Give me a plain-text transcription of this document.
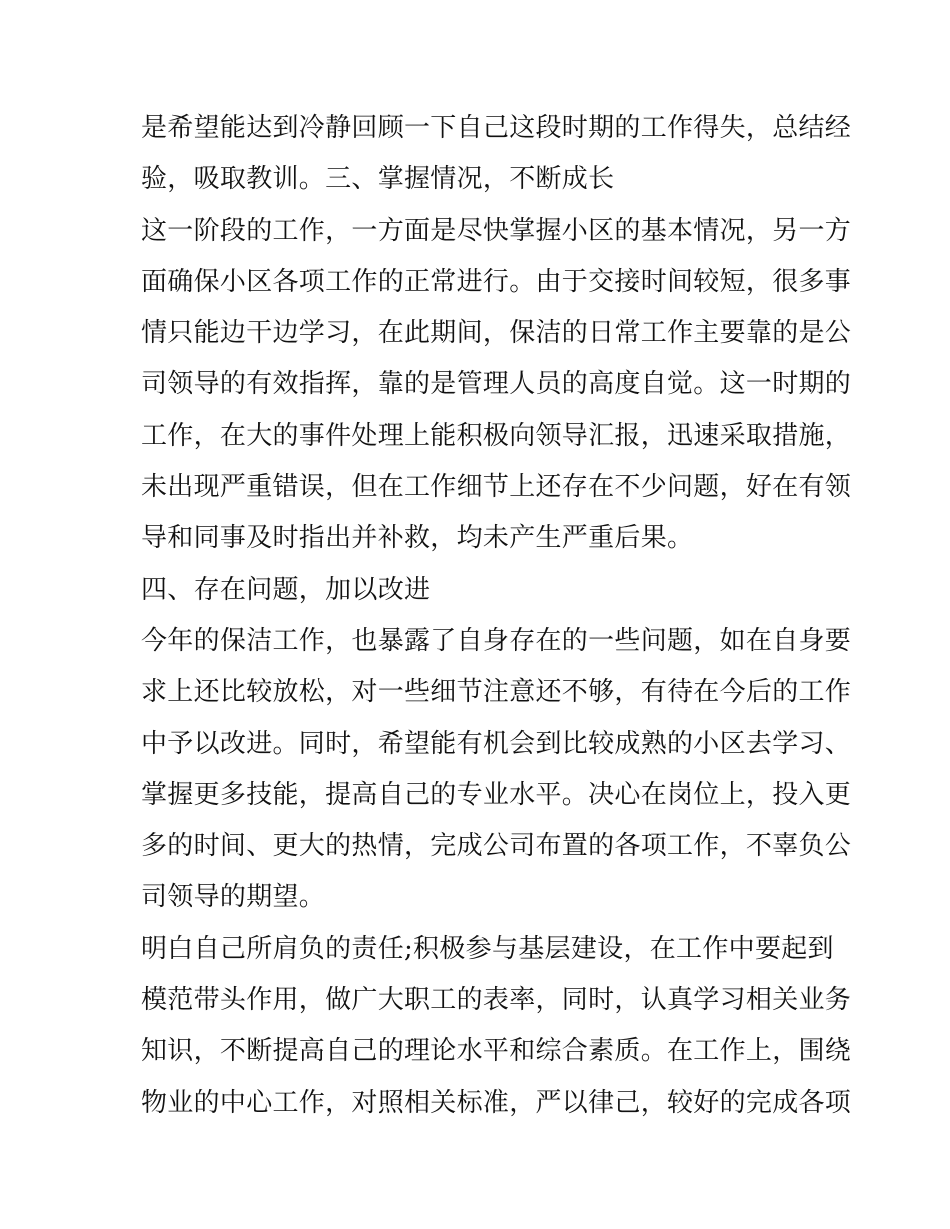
是希望能达到冷静回顾一下自己这段时期的工作得失，总结经
验，吸取教训。三、掌握情况，不断成长
这一阶段的工作，一方面是尽快掌握小区的基本情况，另一方
面确保小区各项工作的正常进行。由于交接时间较短，很多事
情只能边干边学习，在此期间，保洁的日常工作主要靠的是公
司领导的有效指挥，靠的是管理人员的高度自觉。这一时期的
工作，在大的事件处理上能积极向领导汇报，迅速采取措施，
未出现严重错误，但在工作细节上还存在不少问题，好在有领
导和同事及时指出并补救，均未产生严重后果。
四、存在问题，加以改进
今年的保洁工作，也暴露了自身存在的一些问题，如在自身要
求上还比较放松，对一些细节注意还不够，有待在今后的工作
中予以改进。同时，希望能有机会到比较成熟的小区去学习、
掌握更多技能，提高自己的专业水平。决心在岗位上，投入更
多的时间、更大的热情，完成公司布置的各项工作，不辜负公
司领导的期望。
明白自己所肩负的责任;积极参与基层建设，在工作中要起到
模范带头作用，做广大职工的表率，同时，认真学习相关业务
知识，不断提高自己的理论水平和综合素质。在工作上，围绕
物业的中心工作，对照相关标准，严以律己，较好的完成各项
